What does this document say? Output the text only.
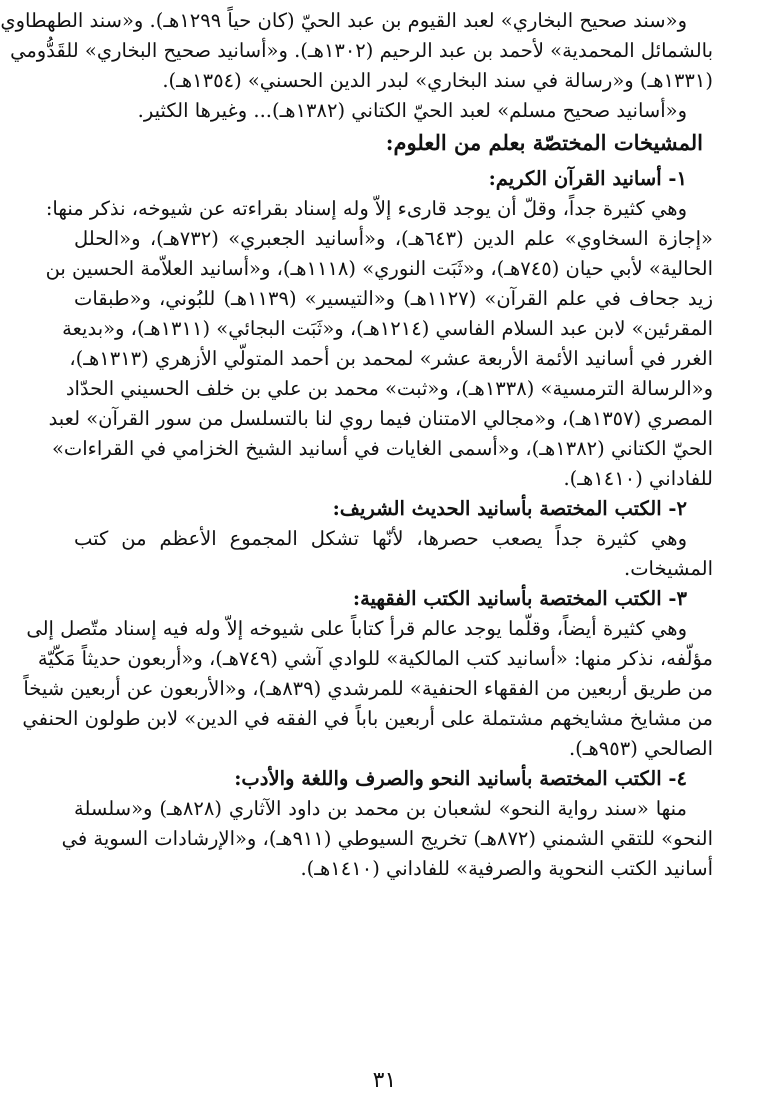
و«سند صحيح البخاري» لعبد القيوم بن عبد الحيّ (كان حياً ١٢٩٩هـ). و«سند الطهطاوي
بالشمائل المحمدية» لأحمد بن عبد الرحيم (١٣٠٢هـ). و«أسانيد صحيح البخاري» للقَدُّومي
(١٣٣١هـ) و«رسالة في سند البخاري» لبدر الدين الحسني» (١٣٥٤هـ).
و«أسانيد صحيح مسلم» لعبد الحيّ الكتاني (١٣٨٢هـ)... وغيرها الكثير.
المشيخات المختصّة بعلم من العلوم:
١- أسانيد القرآن الكريم:
وهي كثيرة جداً، وقلّ أن يوجد قارىء إلاّ وله إسناد بقراءته عن شيوخه، نذكر منها:
«إجازة السخاوي» علم الدين (٦٤٣هـ)، و«أسانيد الجعبري» (٧٣٢هـ)، و«الحلل
الحالية» لأبي حيان (٧٤٥هـ)، و«ثَبَت النوري» (١١١٨هـ)، و«أسانيد العلاّمة الحسين بن
زيد جحاف في علم القرآن» (١١٢٧هـ) و«التيسير» (١١٣٩هـ) للبُوني، و«طبقات
المقرئين» لابن عبد السلام الفاسي (١٢١٤هـ)، و«ثَبَت البجائي» (١٣١١هـ)، و«بديعة
الغرر في أسانيد الأئمة الأربعة عشر» لمحمد بن أحمد المتولّي الأزهري (١٣١٣هـ)،
و«الرسالة الترمسية» (١٣٣٨هـ)، و«ثبت» محمد بن علي بن خلف الحسيني الحدّاد
المصري (١٣٥٧هـ)، و«مجالي الامتنان فيما روي لنا بالتسلسل من سور القرآن» لعبد
الحيّ الكتاني (١٣٨٢هـ)، و«أسمى الغايات في أسانيد الشيخ الخزامي في القراءات»
للفاداني (١٤١٠هـ).
٢- الكتب المختصة بأسانيد الحديث الشريف:
وهي كثيرة جداً يصعب حصرها، لأنّها تشكل المجموع الأعظم من كتب
المشيخات.
٣- الكتب المختصة بأسانيد الكتب الفقهية:
وهي كثيرة أيضاً، وقلّما يوجد عالم قرأ كتاباً على شيوخه إلاّ وله فيه إسناد متّصل إلى
مؤلّفه، نذكر منها: «أسانيد كتب المالكية» للوادي آشي (٧٤٩هـ)، و«أربعون حديثاً مَكّيّة
من طريق أربعين من الفقهاء الحنفية» للمرشدي (٨٣٩هـ)، و«الأربعون عن أربعين شيخاً
من مشايخ مشايخهم مشتملة على أربعين باباً في الفقه في الدين» لابن طولون الحنفي
الصالحي (٩٥٣هـ).
٤- الكتب المختصة بأسانيد النحو والصرف واللغة والأدب:
منها «سند رواية النحو» لشعبان بن محمد بن داود الآثاري (٨٢٨هـ) و«سلسلة
النحو» للتقي الشمني (٨٧٢هـ) تخريج السيوطي (٩١١هـ)، و«الإرشادات السوية في
أسانيد الكتب النحوية والصرفية» للفاداني (١٤١٠هـ).
٣١
